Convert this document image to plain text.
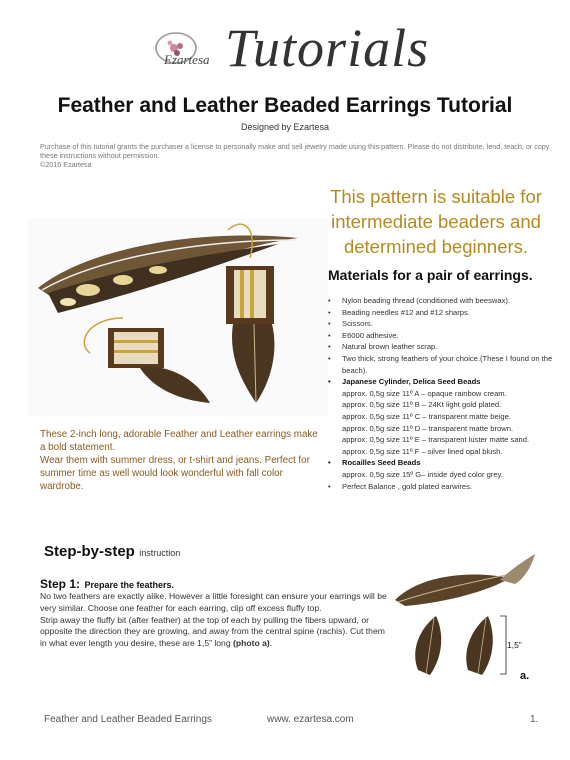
Ezartesa Tutorials
Feather and Leather Beaded Earrings Tutorial
Designed by Ezartesa
Purchase of this tutorial grants the purchaser a license to personally make and sell jewelry made using this pattern. Please do not distribute, lend, teach, or copy
these instructions without permission.
©2016 Ezartesa
This pattern is suitable for
intermediate beaders and
determined beginners.
Materials for a pair of earrings.
• Nylon beading thread (conditioned with beeswax).
• Beading needles #12 and #12 sharps.
• Scissors.
• E6000 adhesive.
• Natural brown leather scrap.
• Two thick, strong feathers of your choice.(These I found on the beach).
• Japanese Cylinder, Delica Seed Beads
approx. 0,5g size 11º A – opaque rainbow cream.
approx. 0,5g size 11º B – 24Kt light gold plated.
approx. 0,5g size 11º C – transparent matte beige.
approx. 0,5g size 11º D – transparent matte brown.
approx. 0,5g size 11º E – transparent luster matte sand.
approx. 0,5g size 11º F – silver lined opal blush.
• Rocailles Seed Beads
approx. 0,5g size 15º G– inside dyed color grey.
• Perfect Balance , gold plated earwires.

These 2-inch long, adorable Feather and Leather earrings make a bold statement.

Wear them with summer dress, or t-shirt and jeans. Perfect for summer time as well would look wonderful with fall color wardrobe.

Step-by-step instruction
Step 1: Prepare the feathers.

No two feathers are exactly alike. However a little foresight can ensure your earrings will be very similar. Choose one feather for each earring, clip off excess fluffy top.

Strip away the fluffy bit (after feather) at the top of each by pulling the fibers upward, or opposite the direction they are growing, and away from the central spine (rachis). Cut them in what ever length you desire, these are 1,5” long (photo a).	1,5”
a.
Feather and Leather Beaded Earrings	www. ezartesa.com	1.
